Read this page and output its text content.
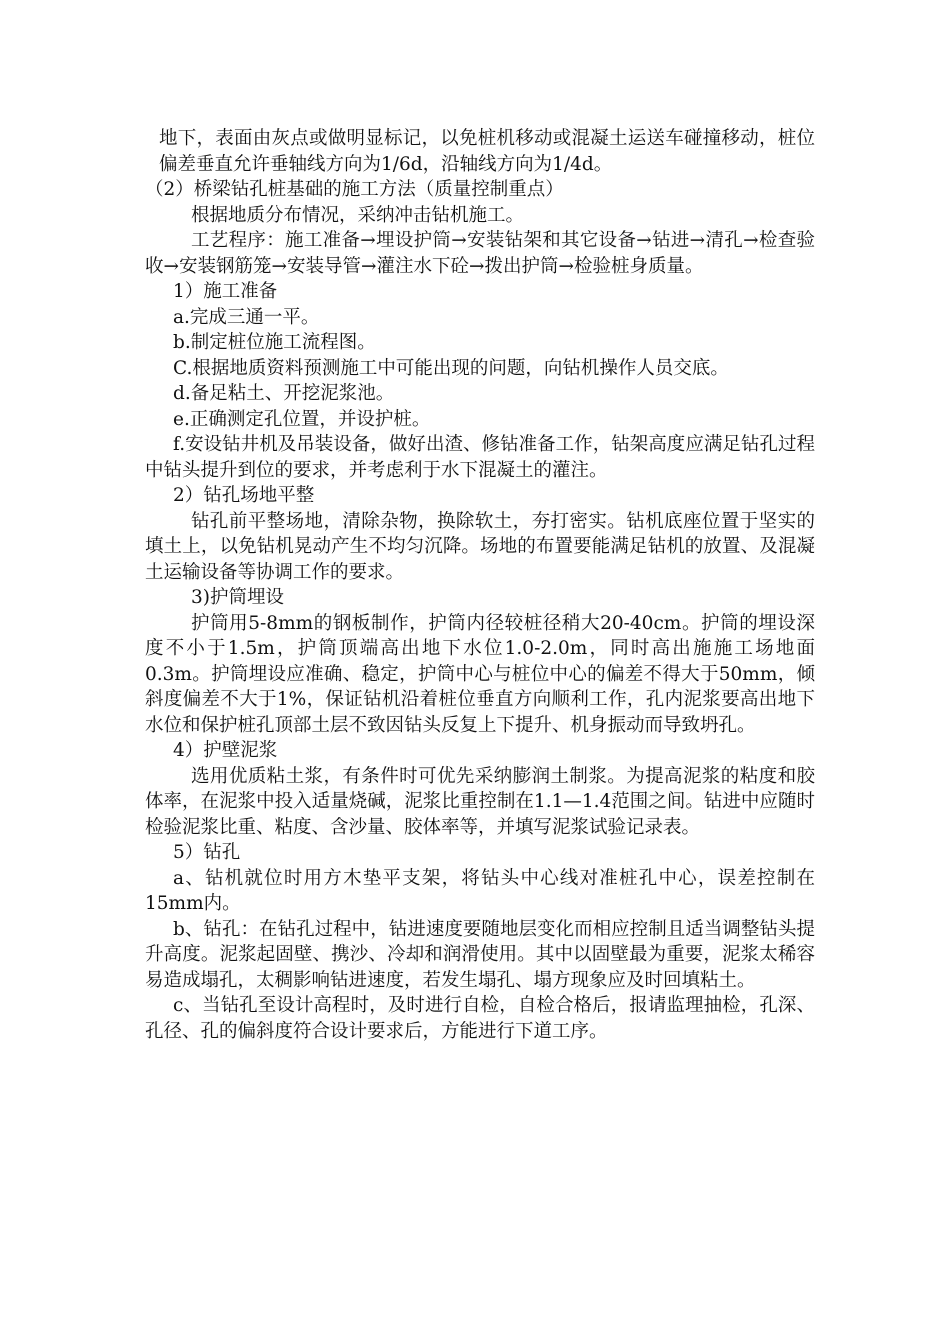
地下，表面由灰点或做明显标记，以免桩机移动或混凝土运送车碰撞移动，桩位偏差垂直允许垂轴线方向为1/6d，沿轴线方向为1/4d。

（2）桥梁钻孔桩基础的施工方法（质量控制重点）

根据地质分布情况，采纳冲击钻机施工。

工艺程序：施工准备→埋设护筒→安装钻架和其它设备→钻进→清孔→检查验收→安装钢筋笼→安装导管→灌注水下砼→拨出护筒→检验桩身质量。

1）施工准备

a.完成三通一平。

b.制定桩位施工流程图。

C.根据地质资料预测施工中可能出现的问题，向钻机操作人员交底。

d.备足粘土、开挖泥浆池。

e.正确测定孔位置，并设护桩。

f.安设钻井机及吊装设备，做好出渣、修钻准备工作，钻架高度应满足钻孔过程中钻头提升到位的要求，并考虑利于水下混凝土的灌注。

2）钻孔场地平整

钻孔前平整场地，清除杂物，换除软土，夯打密实。钻机底座位置于坚实的填土上，以免钻机晃动产生不均匀沉降。场地的布置要能满足钻机的放置、及混凝土运输设备等协调工作的要求。

3)护筒埋设

护筒用5-8mm的钢板制作，护筒内径较桩径稍大20-40cm。护筒的埋设深度不小于1.5m，护筒顶端高出地下水位1.0-2.0m，同时高出施施工场地面0.3m。护筒埋设应准确、稳定，护筒中心与桩位中心的偏差不得大于50mm，倾斜度偏差不大于1%，保证钻机沿着桩位垂直方向顺利工作，孔内泥浆要高出地下水位和保护桩孔顶部土层不致因钻头反复上下提升、机身振动而导致坍孔。

4）护壁泥浆

选用优质粘土浆，有条件时可优先采纳膨润土制浆。为提高泥浆的粘度和胶体率，在泥浆中投入适量烧碱，泥浆比重控制在1.1—1.4范围之间。钻进中应随时检验泥浆比重、粘度、含沙量、胶体率等，并填写泥浆试验记录表。

5）钻孔

a、钻机就位时用方木垫平支架，将钻头中心线对准桩孔中心，误差控制在15mm内。

b、钻孔：在钻孔过程中，钻进速度要随地层变化而相应控制且适当调整钻头提升高度。泥浆起固壁、携沙、冷却和润滑使用。其中以固壁最为重要，泥浆太稀容易造成塌孔，太稠影响钻进速度，若发生塌孔、塌方现象应及时回填粘土。

c、当钻孔至设计高程时，及时进行自检，自检合格后，报请监理抽检，孔深、孔径、孔的偏斜度符合设计要求后，方能进行下道工序。
